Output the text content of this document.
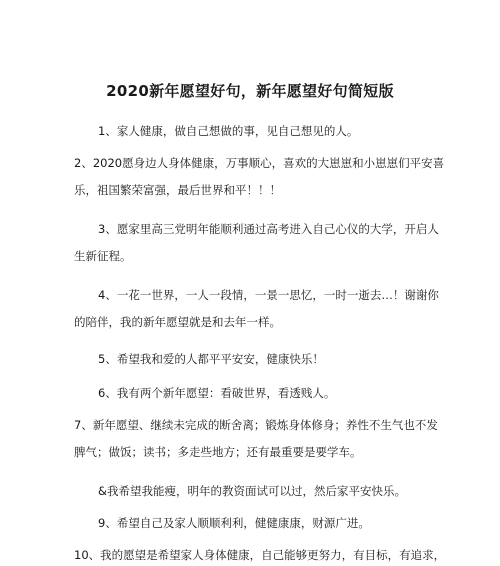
2020新年愿望好句，新年愿望好句简短版

1、家人健康，做自己想做的事，见自己想见的人。

2、2020愿身边人身体健康，万事顺心，喜欢的大崽崽和小崽崽们平安喜
乐，祖国繁荣富强，最后世界和平！！！

3、愿家里高三党明年能顺利通过高考进入自己心仪的大学，开启人
生新征程。

4、一花一世界，一人一段情，一景一思忆，一时一逝去…！谢谢你
的陪伴，我的新年愿望就是和去年一样。

5、希望我和爱的人都平平安安，健康快乐！

6、我有两个新年愿望：看破世界，看透贱人。

7、新年愿望、继续未完成的断舍离；锻炼身体修身；养性不生气也不发
脾气；做饭；读书；多走些地方；还有最重要是要学车。

&我希望我能瘦，明年的教资面试可以过，然后家平安快乐。

9、希望自己及家人顺顺利利，健健康康，财源广进。

10、我的愿望是希望家人身体健康，自己能够更努力，有目标，有追求，
